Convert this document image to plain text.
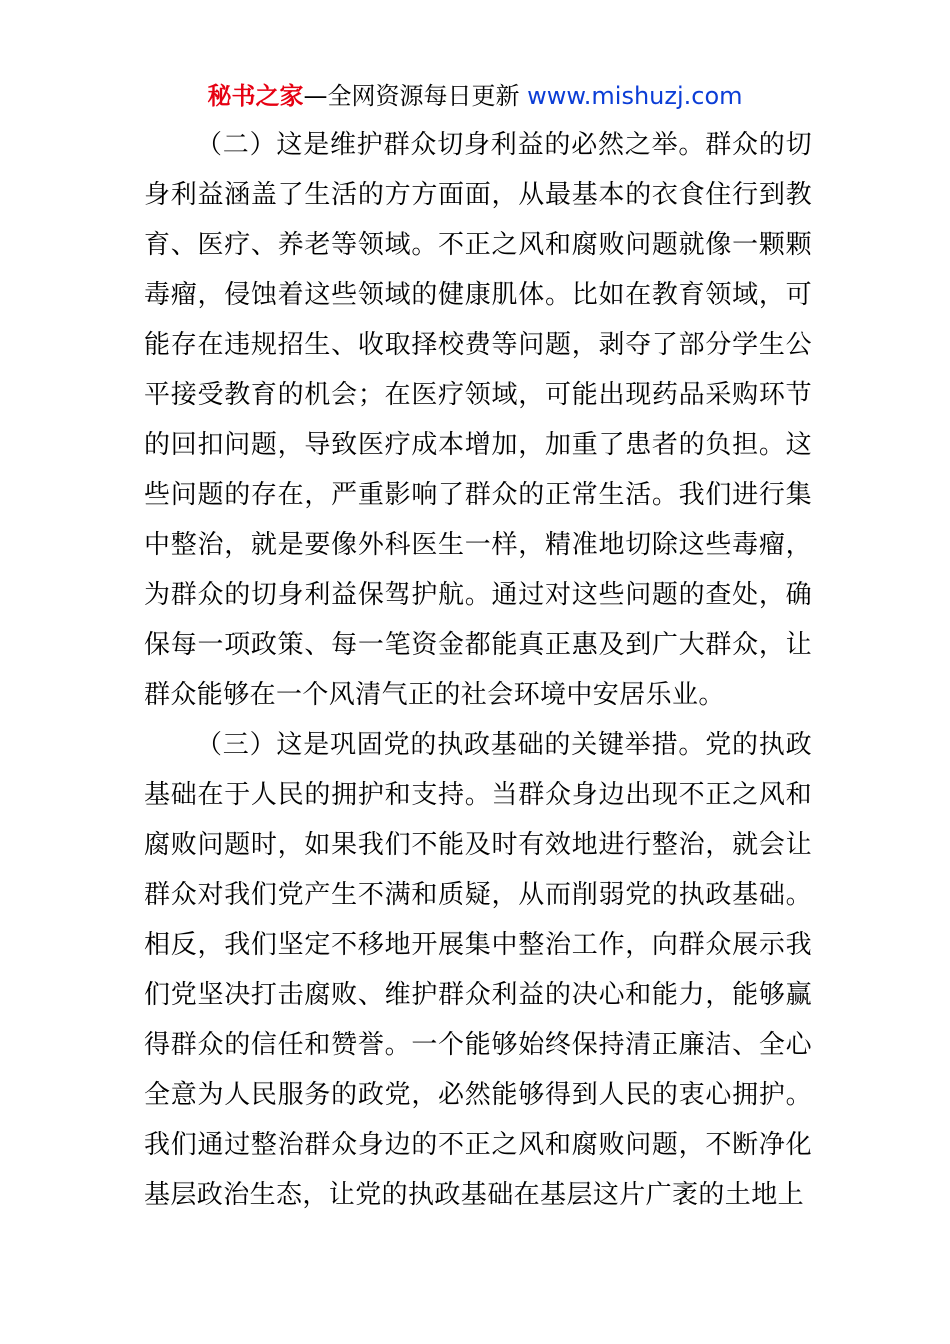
秘书之家—全网资源每日更新 www.mishuzj.com

（二）这是维护群众切身利益的必然之举。群众的切身利益涵盖了生活的方方面面，从最基本的衣食住行到教育、医疗、养老等领域。不正之风和腐败问题就像一颗颗毒瘤，侵蚀着这些领域的健康肌体。比如在教育领域，可能存在违规招生、收取择校费等问题，剥夺了部分学生公平接受教育的机会；在医疗领域，可能出现药品采购环节的回扣问题，导致医疗成本增加，加重了患者的负担。这些问题的存在，严重影响了群众的正常生活。我们进行集中整治，就是要像外科医生一样，精准地切除这些毒瘤，为群众的切身利益保驾护航。通过对这些问题的查处，确保每一项政策、每一笔资金都能真正惠及到广大群众，让群众能够在一个风清气正的社会环境中安居乐业。

（三）这是巩固党的执政基础的关键举措。党的执政基础在于人民的拥护和支持。当群众身边出现不正之风和腐败问题时，如果我们不能及时有效地进行整治，就会让群众对我们党产生不满和质疑，从而削弱党的执政基础。相反，我们坚定不移地开展集中整治工作，向群众展示我们党坚决打击腐败、维护群众利益的决心和能力，能够赢得群众的信任和赞誉。一个能够始终保持清正廉洁、全心全意为人民服务的政党，必然能够得到人民的衷心拥护。我们通过整治群众身边的不正之风和腐败问题，不断净化基层政治生态，让党的执政基础在基层这片广袤的土地上
